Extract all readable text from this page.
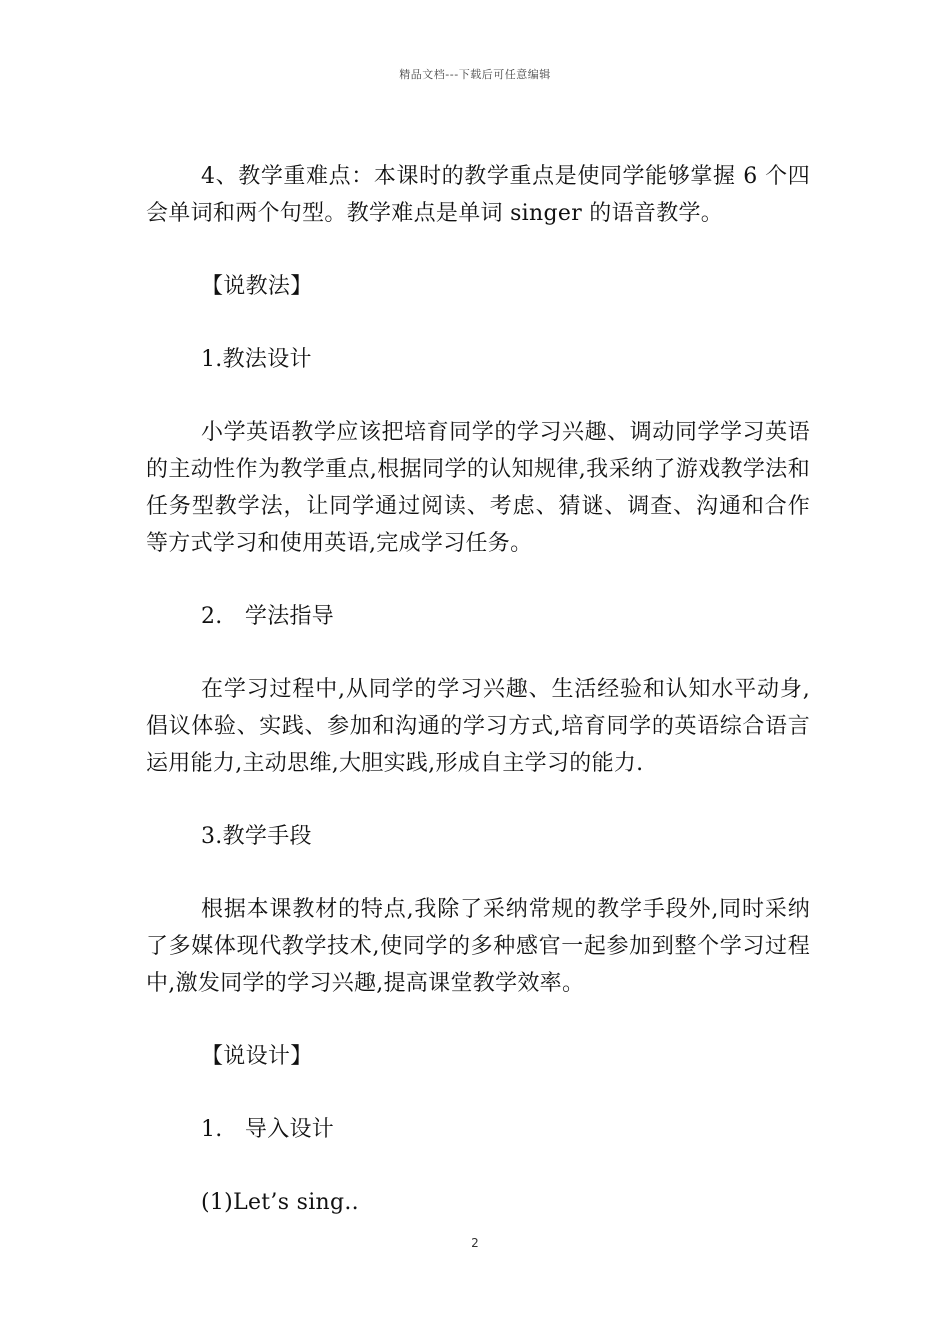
精品文档---下载后可任意编辑

4、教学重难点：本课时的教学重点是使同学能够掌握 6 个四会单词和两个句型。教学难点是单词 singer 的语音教学。

【说教法】

1.教法设计

小学英语教学应该把培育同学的学习兴趣、调动同学学习英语的主动性作为教学重点,根据同学的认知规律,我采纳了游戏教学法和任务型教学法，让同学通过阅读、考虑、猜谜、调查、沟通和合作等方式学习和使用英语,完成学习任务。

2.　学法指导

在学习过程中,从同学的学习兴趣、生活经验和认知水平动身,倡议体验、实践、参加和沟通的学习方式,培育同学的英语综合语言运用能力,主动思维,大胆实践,形成自主学习的能力.

3.教学手段

根据本课教材的特点,我除了采纳常规的教学手段外,同时采纳了多媒体现代教学技术,使同学的多种感官一起参加到整个学习过程中,激发同学的学习兴趣,提高课堂教学效率。

【说设计】

1.　导入设计

(1)Let’s sing..

2
